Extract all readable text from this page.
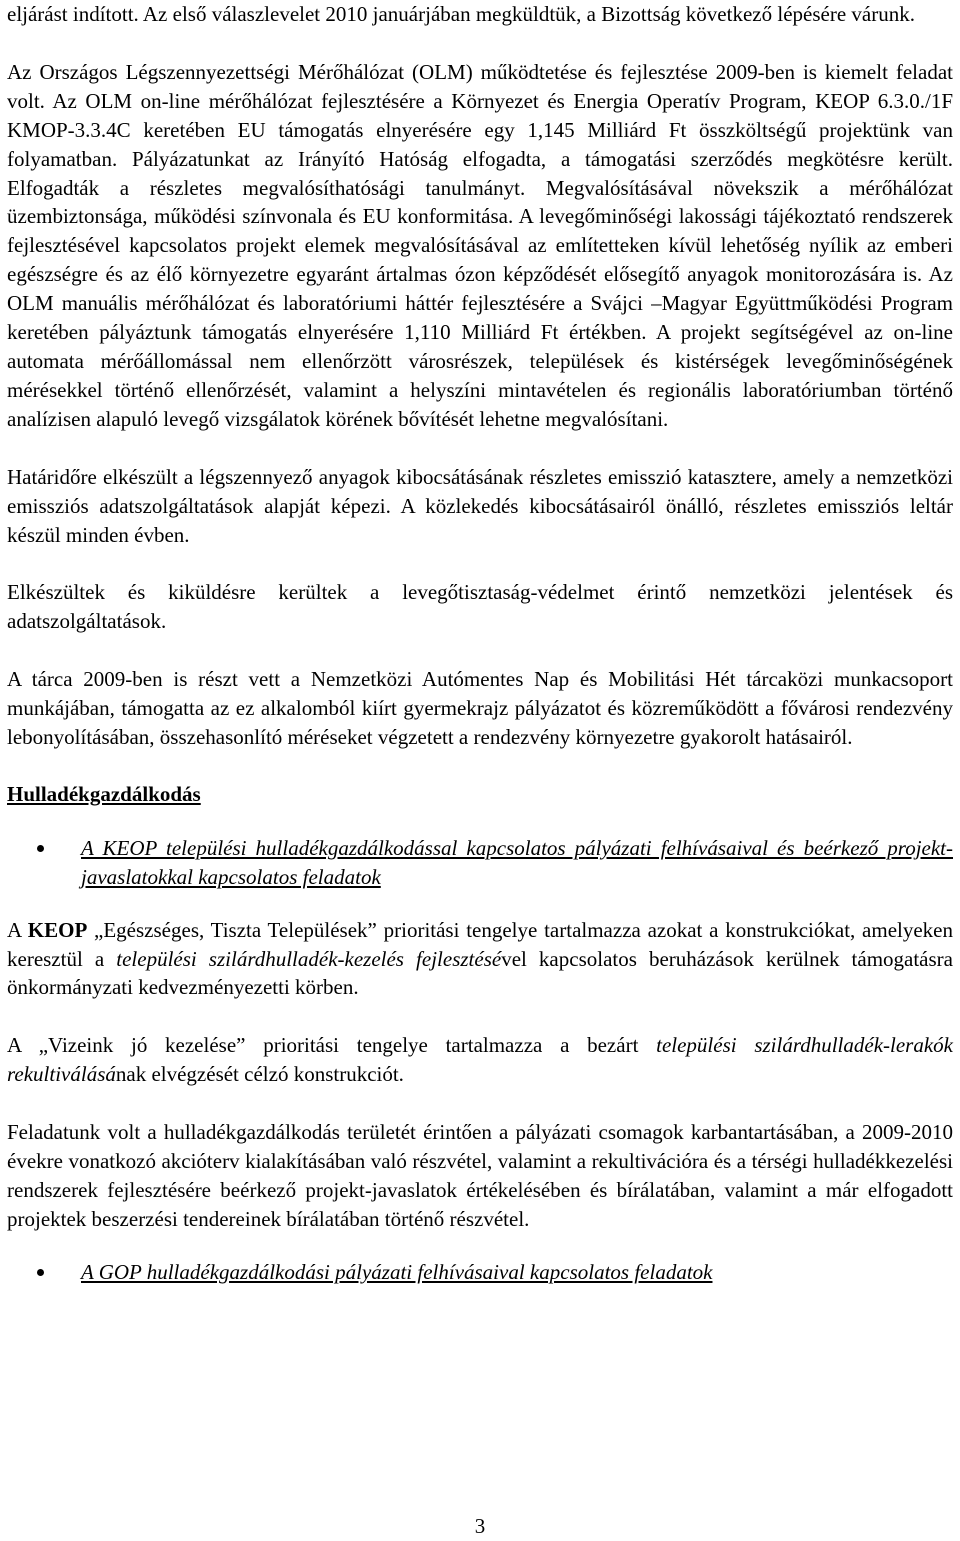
eljárást indított. Az első válaszlevelet 2010 januárjában megküldtük, a Bizottság következő lépésére várunk.

Az Országos Légszennyezettségi Mérőhálózat (OLM) működtetése és fejlesztése 2009-ben is kiemelt feladat volt. Az OLM on-line mérőhálózat fejlesztésére a Környezet és Energia Operatív Program, KEOP 6.3.0./1F KMOP-3.3.4C keretében EU támogatás elnyerésére egy 1,145 Milliárd Ft összköltségű projektünk van folyamatban. Pályázatunkat az Irányító Hatóság elfogadta, a támogatási szerződés megkötésre került. Elfogadták a részletes megvalósíthatósági tanulmányt. Megvalósításával növekszik a mérőhálózat üzembiztonsága, működési színvonala és EU konformitása. A levegőminőségi lakossági tájékoztató rendszerek fejlesztésével kapcsolatos projekt elemek megvalósításával az említetteken kívül lehetőség nyílik az emberi egészségre és az élő környezetre egyaránt ártalmas ózon képződését elősegítő anyagok monitorozására is. Az OLM manuális mérőhálózat és laboratóriumi háttér fejlesztésére a Svájci –Magyar Együttműködési Program keretében pályáztunk támogatás elnyerésére 1,110 Milliárd Ft értékben. A projekt segítségével az on-line automata mérőállomással nem ellenőrzött városrészek, települések és kistérségek levegőminőségének mérésekkel történő ellenőrzését, valamint a helyszíni mintavételen és regionális laboratóriumban történő analízisen alapuló levegő vizsgálatok körének bővítését lehetne megvalósítani.

Határidőre elkészült a légszennyező anyagok kibocsátásának részletes emisszió katasztere, amely a nemzetközi emissziós adatszolgáltatások alapját képezi. A közlekedés kibocsátásairól önálló, részletes emissziós leltár készül minden évben.

Elkészültek és kiküldésre kerültek a levegőtisztaság-védelmet érintő nemzetközi jelentések és adatszolgáltatások.

A tárca 2009-ben is részt vett a Nemzetközi Autómentes Nap és Mobilitási Hét tárcaközi munkacsoport munkájában, támogatta az ez alkalomból kiírt gyermekrajz pályázatot és közreműködött a fővárosi rendezvény lebonyolításában, összehasonlító méréseket végzetett a rendezvény környezetre gyakorolt hatásairól.

Hulladékgazdálkodás

A KEOP települési hulladékgazdálkodással kapcsolatos pályázati felhívásaival és beérkező projekt-javaslatokkal kapcsolatos feladatok

A KEOP „Egészséges, Tiszta Települések” prioritási tengelye tartalmazza azokat a konstrukciókat, amelyeken keresztül a települési szilárdhulladék-kezelés fejlesztésével kapcsolatos beruházások kerülnek támogatásra önkormányzati kedvezményezetti körben.

A „Vizeink jó kezelése” prioritási tengelye tartalmazza a bezárt települési szilárdhulladék-lerakók rekultiválásának elvégzését célzó konstrukciót.

Feladatunk volt a hulladékgazdálkodás területét érintően a pályázati csomagok karbantartásában, a 2009-2010 évekre vonatkozó akcióterv kialakításában való részvétel, valamint a rekultivációra és a térségi hulladékkezelési rendszerek fejlesztésére beérkező projekt-javaslatok értékelésében és bírálatában, valamint a már elfogadott projektek beszerzési tendereinek bírálatában történő részvétel.

A GOP hulladékgazdálkodási pályázati felhívásaival kapcsolatos feladatok
3
